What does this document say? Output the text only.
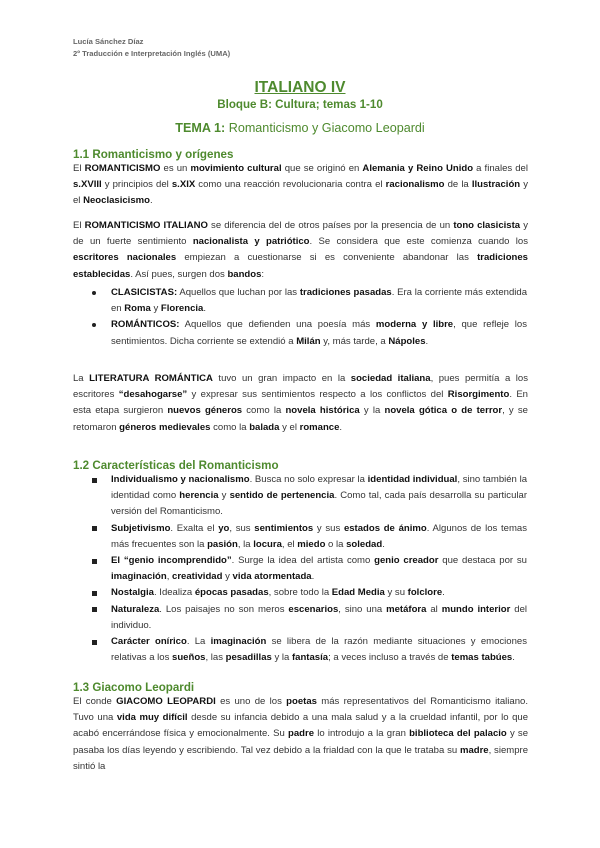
Lucía Sánchez Díaz
2º Traducción e Interpretación Inglés (UMA)
ITALIANO IV
Bloque B: Cultura; temas 1-10
TEMA 1: Romanticismo y Giacomo Leopardi
1.1 Romanticismo y orígenes
El ROMANTICISMO es un movimiento cultural que se originó en Alemania y Reino Unido a finales del s.XVIII y principios del s.XIX como una reacción revolucionaria contra el racionalismo de la Ilustración y el Neoclasicismo.
El ROMANTICISMO ITALIANO se diferencia del de otros países por la presencia de un tono clasicista y de un fuerte sentimiento nacionalista y patriótico. Se considera que este comienza cuando los escritores nacionales empiezan a cuestionarse si es conveniente abandonar las tradiciones establecidas. Así pues, surgen dos bandos:
CLASICISTAS: Aquellos que luchan por las tradiciones pasadas. Era la corriente más extendida en Roma y Florencia.
ROMÁNTICOS: Aquellos que defienden una poesía más moderna y libre, que refleje los sentimientos. Dicha corriente se extendió a Milán y, más tarde, a Nápoles.
La LITERATURA ROMÁNTICA tuvo un gran impacto en la sociedad italiana, pues permitía a los escritores “desahogarse” y expresar sus sentimientos respecto a los conflictos del Risorgimento. En esta etapa surgieron nuevos géneros como la novela histórica y la novela gótica o de terror, y se retomaron géneros medievales como la balada y el romance.
1.2 Características del Romanticismo
Individualismo y nacionalismo. Busca no solo expresar la identidad individual, sino también la identidad como herencia y sentido de pertenencia. Como tal, cada país desarrolla su particular versión del Romanticismo.
Subjetivismo. Exalta el yo, sus sentimientos y sus estados de ánimo. Algunos de los temas más frecuentes son la pasión, la locura, el miedo o la soledad.
El “genio incomprendido”. Surge la idea del artista como genio creador que destaca por su imaginación, creatividad y vida atormentada.
Nostalgia. Idealiza épocas pasadas, sobre todo la Edad Media y su folclore.
Naturaleza. Los paisajes no son meros escenarios, sino una metáfora al mundo interior del individuo.
Carácter onírico. La imaginación se libera de la razón mediante situaciones y emociones relativas a los sueños, las pesadillas y la fantasía; a veces incluso a través de temas tabúes.
1.3 Giacomo Leopardi
El conde GIACOMO LEOPARDI es uno de los poetas más representativos del Romanticismo italiano. Tuvo una vida muy difícil desde su infancia debido a una mala salud y a la crueldad infantil, por lo que acabó encerrándose física y emocionalmente. Su padre lo introdujo a la gran biblioteca del palacio y se pasaba los días leyendo y escribiendo. Tal vez debido a la frialdad con la que le trataba su madre, siempre sintió la
